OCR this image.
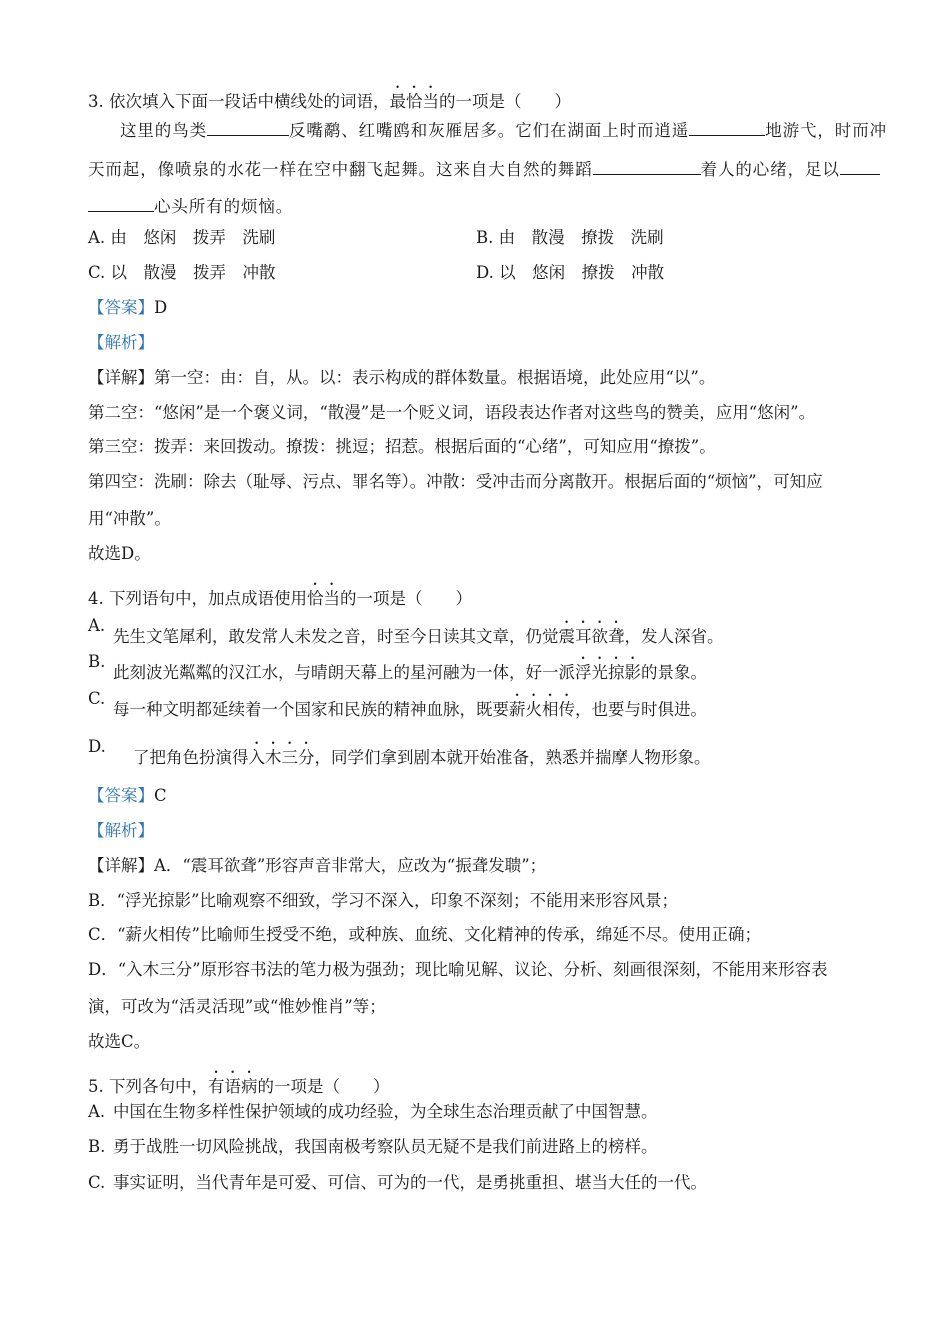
3. 依次填入下面一段话中横线处的词语，最恰当的一项是（　　）
这里的鸟类	反嘴鹬、红嘴鸥和灰雁居多。它们在湖面上时而逍遥	地游弋，时而冲
天而起，像喷泉的水花一样在空中翻飞起舞。这来自大自然的舞蹈	着人的心绪，足以
心头所有的烦恼。
A. 由　悠闲　拨弄　洗刷	B. 由　散漫　撩拨　洗刷
C. 以　散漫　拨弄　冲散	D. 以　悠闲　撩拨　冲散
【答案】D
【解析】
【详解】第一空：由：自，从。以：表示构成的群体数量。根据语境，此处应用“以”。
第二空：“悠闲”是一个褒义词，“散漫”是一个贬义词，语段表达作者对这些鸟的赞美，应用“悠闲”。
第三空：拨弄：来回拨动。撩拨：挑逗；招惹。根据后面的“心绪”，可知应用“撩拨”。
第四空：洗刷：除去（耻辱、污点、罪名等）。冲散：受冲击而分离散开。根据后面的“烦恼”，可知应
用“冲散”。
故选D。
4. 下列语句中，加点成语使用恰当的一项是（　　）
A.
先生文笔犀利，敢发常人未发之音，时至今日读其文章，仍觉震耳欲聋，发人深省。
B.
此刻波光粼粼的汉江水，与晴朗天幕上的星河融为一体，好一派浮光掠影的景象。
C.
每一种文明都延续着一个国家和民族的精神血脉，既要薪火相传，也要与时俱进。
D.
了把角色扮演得入木三分，同学们拿到剧本就开始准备，熟悉并揣摩人物形象。
【答案】C
【解析】
【详解】A．“震耳欲聋”形容声音非常大，应改为“振聋发聩”；
B．“浮光掠影”比喻观察不细致，学习不深入，印象不深刻；不能用来形容风景；
C．“薪火相传”比喻师生授受不绝，或种族、血统、文化精神的传承，绵延不尽。使用正确；
D．“入木三分”原形容书法的笔力极为强劲；现比喻见解、议论、分析、刻画很深刻，不能用来形容表
演，可改为“活灵活现”或“惟妙惟肖”等；
故选C。
5. 下列各句中，有语病的一项是（　　）
A. 中国在生物多样性保护领域的成功经验，为全球生态治理贡献了中国智慧。
B. 勇于战胜一切风险挑战，我国南极考察队员无疑不是我们前进路上的榜样。
C. 事实证明，当代青年是可爱、可信、可为的一代，是勇挑重担、堪当大任的一代。
